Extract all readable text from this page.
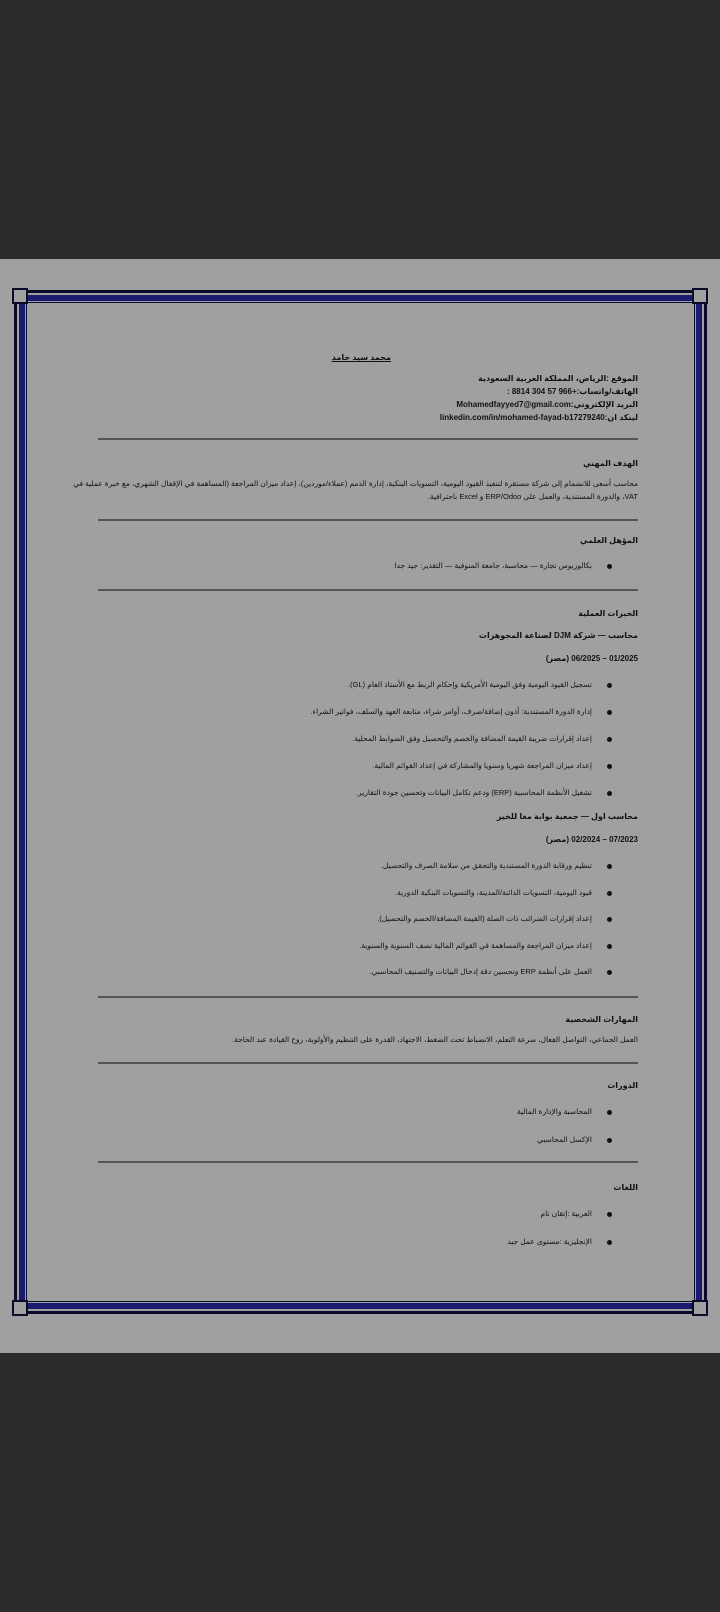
محمد سيد حامد
الموقع :الرياض، المملكة العربية السعودية
الهاتف/واتساب:+966 57 304 8814 :
البريد الإلكتروني:Mohamedfayyed7@gmail.com
لينكد ان:linkedin.com/in/mohamed-fayad-b17279240
الهدف المهني
محاسب أسعى للانضمام إلى شركة مستقرة لتنفيذ القيود اليومية، التسويات البنكية، إدارة الذمم (عملاء/موردين)، إعداد ميزان المراجعة (المساهمة في الإقفال الشهري، مع خبرة عملية في
VAT، والدورة المستندية، والعمل على ERP/Odoo و Excel باحترافية.
المؤهل العلمي
بكالوريوس تجارة — محاسبة، جامعة المنوفية — التقدير: جيد جدا
الخبرات العملية
محاسب — شركة DJM لصناعة المجوهرات
01/2025 – 06/2025 (مصر)
تسجيل القيود اليومية وفق اليومية الأمريكية وإحكام الربط مع الأستاذ العام (GL).
إدارة الدورة المستندية: أذون إضافة/صرف، أوامر شراء، متابعة العهد والسلف، فواتير الشراء.
إعداد إقرارات ضريبة القيمة المضافة والخصم والتحصيل وفق الضوابط المحلية.
إعداد ميزان المراجعة شهريا وسنويا والمشاركة في إعداد القوائم المالية.
تشغيل الأنظمة المحاسبية (ERP) ودعم تكامل البيانات وتحسين جودة التقارير.
محاسب اول — جمعية بوابة مغا للخير
07/2023 – 02/2024 (مصر)
تنظيم ورقابة الدورة المستندية والتحقق من سلامة الصرف والتحصيل.
قيود اليومية، التسويات الدائنة/المدينة، والتسويات البنكية الدورية.
إعداد إقرارات الضرائب ذات الصلة (القيمة المضافة/الخصم والتحصيل).
إعداد ميزان المراجعة والمساهمة في القوائم المالية نصف السنوية والسنوية.
العمل على أنظمة ERP وتحسين دقة إدخال البيانات والتصنيف المحاسبي.
المهارات الشخصية
العمل الجماعي، التواصل الفعال، سرعة التعلم، الانضباط تحت الضغط، الاجتهاد، القدرة على التنظيم والأولوية، روح القيادة عند الحاجة.
الدورات
المحاسبة والإدارة المالية
الإكسل المحاسبي
اللغات
العربية :إتقان تام
الإنجليزية :مستوى عمل جيد
